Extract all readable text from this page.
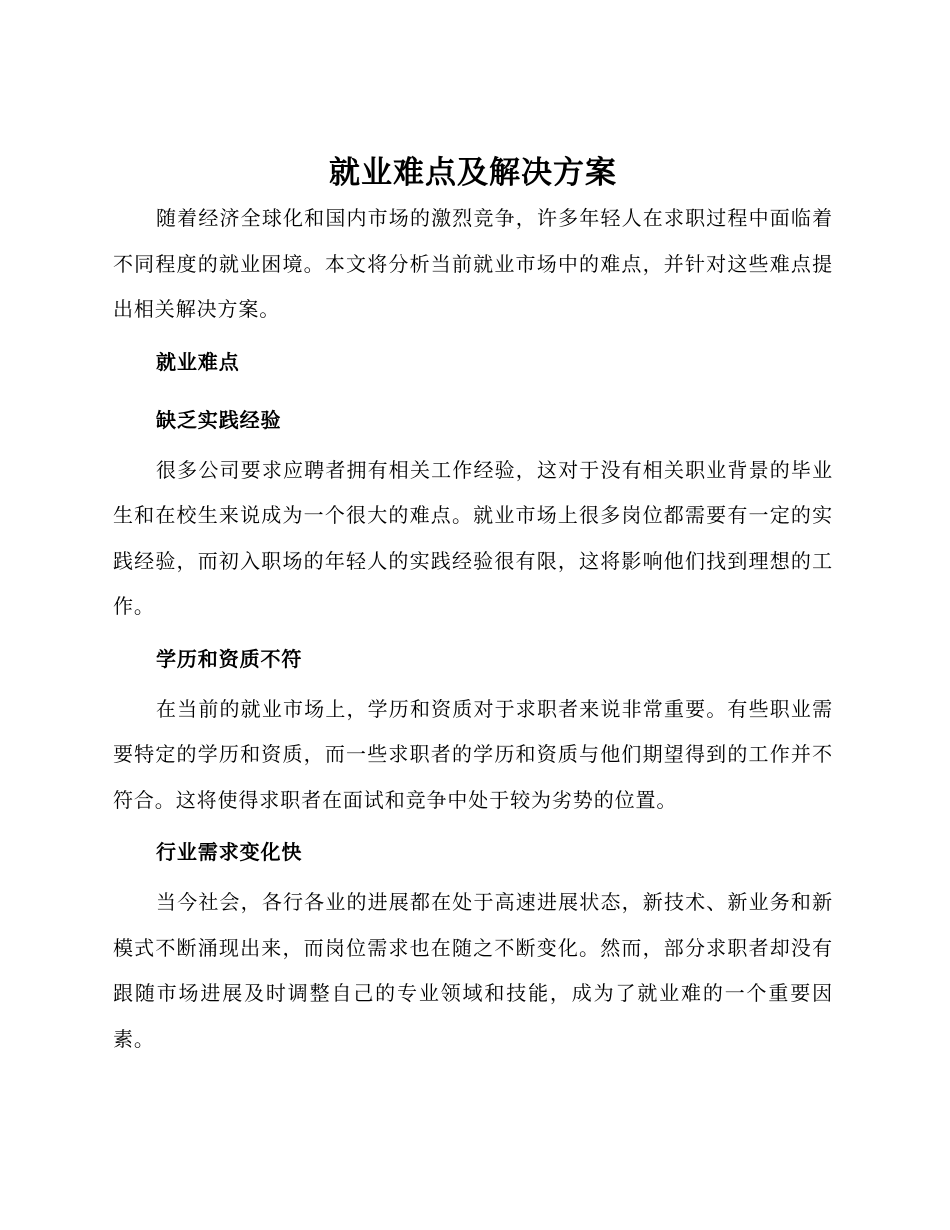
就业难点及解决方案

随着经济全球化和国内市场的激烈竞争，许多年轻人在求职过程中面临着不同程度的就业困境。本文将分析当前就业市场中的难点，并针对这些难点提出相关解决方案。

就业难点
缺乏实践经验

很多公司要求应聘者拥有相关工作经验，这对于没有相关职业背景的毕业生和在校生来说成为一个很大的难点。就业市场上很多岗位都需要有一定的实践经验，而初入职场的年轻人的实践经验很有限，这将影响他们找到理想的工作。

学历和资质不符

在当前的就业市场上，学历和资质对于求职者来说非常重要。有些职业需要特定的学历和资质，而一些求职者的学历和资质与他们期望得到的工作并不符合。这将使得求职者在面试和竞争中处于较为劣势的位置。

行业需求变化快

当今社会，各行各业的进展都在处于高速进展状态，新技术、新业务和新模式不断涌现出来，而岗位需求也在随之不断变化。然而，部分求职者却没有跟随市场进展及时调整自己的专业领域和技能，成为了就业难的一个重要因素。
